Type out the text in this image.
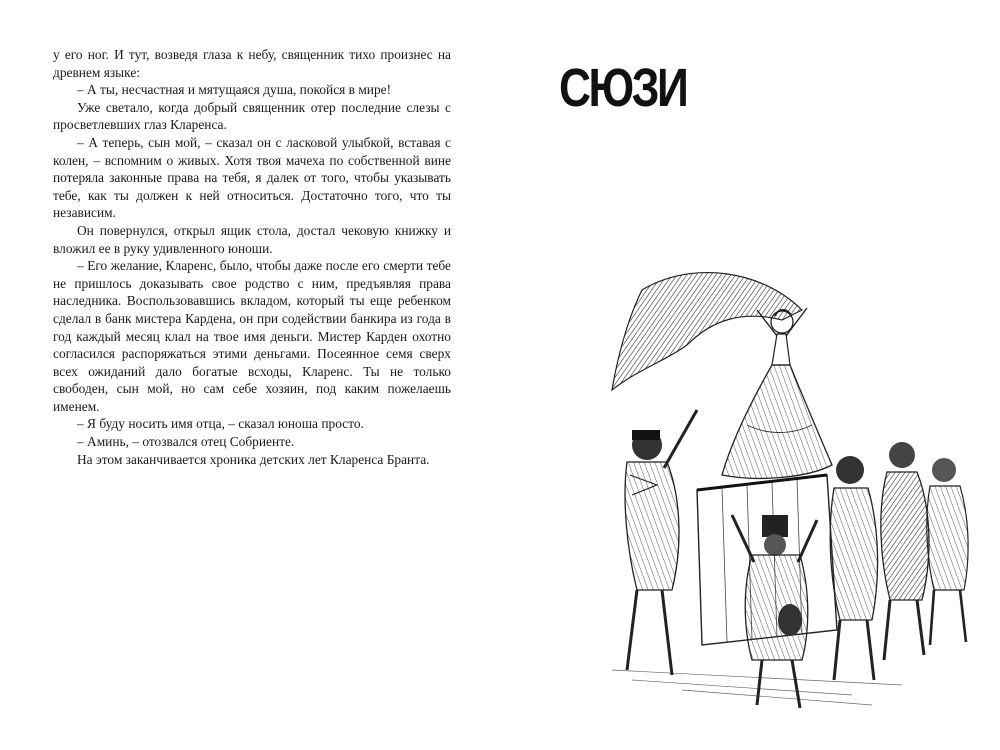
у его ног. И тут, возведя глаза к небу, священник тихо произнес на древнем языке:

– А ты, несчастная и мятущаяся душа, покойся в мире!

Уже светало, когда добрый священник отер последние слезы с просветлевших глаз Кларенса.

– А теперь, сын мой, – сказал он с ласковой улыбкой, вставая с колен, – вспомним о живых. Хотя твоя мачеха по собственной вине потеряла законные права на тебя, я далек от того, чтобы указывать тебе, как ты должен к ней относиться. Достаточно того, что ты независим.

Он повернулся, открыл ящик стола, достал чековую книжку и вложил ее в руку удивленного юноши.

– Его желание, Кларенс, было, чтобы даже после его смерти тебе не пришлось доказывать свое родство с ним, предъявляя права наследника. Воспользовавшись вкладом, который ты еще ребенком сделал в банк мистера Кардена, он при содействии банкира из года в год каждый месяц клал на твое имя деньги. Мистер Карден охотно согласился распоряжаться этими деньгами. Посеянное семя сверх всех ожиданий дало богатые всходы, Кларенс. Ты не только свободен, сын мой, но сам себе хозяин, под каким пожелаешь именем.

– Я буду носить имя отца, – сказал юноша просто.

– Аминь, – отозвался отец Собриенте.

На этом заканчивается хроника детских лет Кларенса Бранта.

СЮЗИ
